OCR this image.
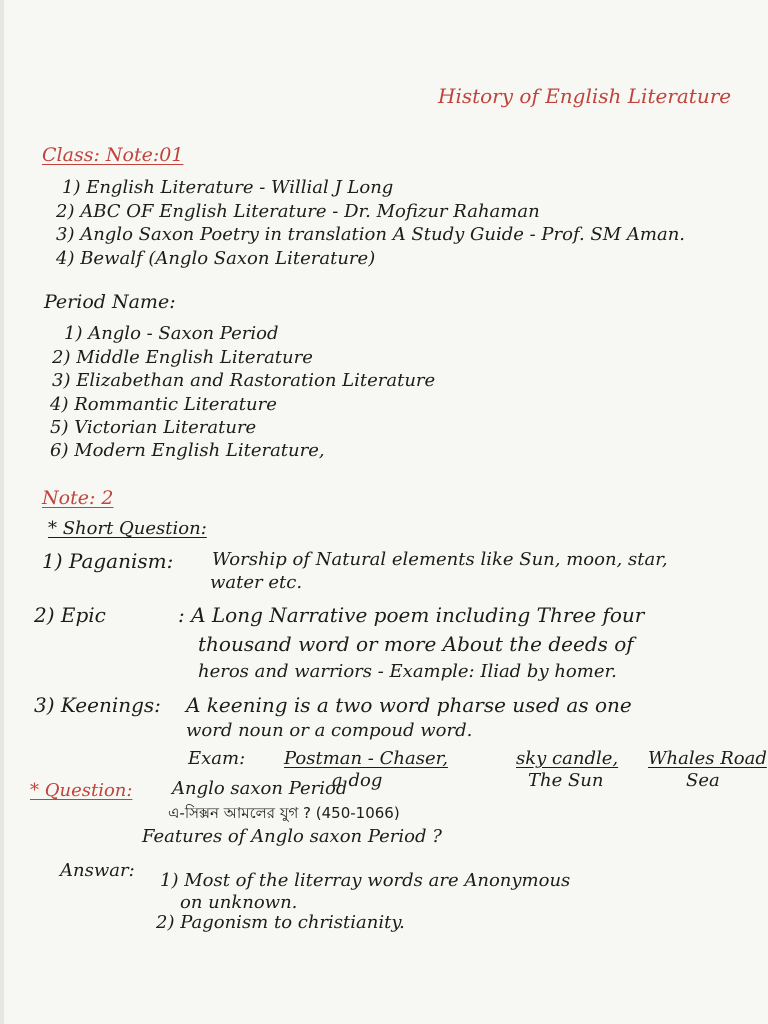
History of English Literature
Class: Note:01
1) English Literature - Willial J Long
2) ABC OF English Literature - Dr. Mofizur Rahaman
3) Anglo Saxon Poetry in translation A Study Guide - Prof. SM Aman.
4) Bewalf (Anglo Saxon Literature)
Period Name:
1) Anglo - Saxon Period
2) Middle English Literature
3) Elizabethan and Rastoration Literature
4) Rommantic Literature
5) Victorian Literature
6) Modern English Literature,
Note: 2
* Short Question:
1) Paganism: Worship of Natural elements like Sun, moon, star,
water etc.
2) Epic	: A Long Narrative poem including Three four
thousand word or more About the deeds of
heros and warriors - Example: Iliad by homer.
3) Keenings: A keening is a two word pharse used as one
word noun or a compoud word.
Exam: Postman - Chaser,
a dog
sky candle,
The Sun
Whales Road
Sea
* Question: Anglo saxon Period
এ-সিক্সন আমলের যুগ ? (450-1066)
Features of Anglo saxon Period ?
Answar: 1) Most of the literray words are Anonymous
on unknown.
2) Pagonism to christianity.
